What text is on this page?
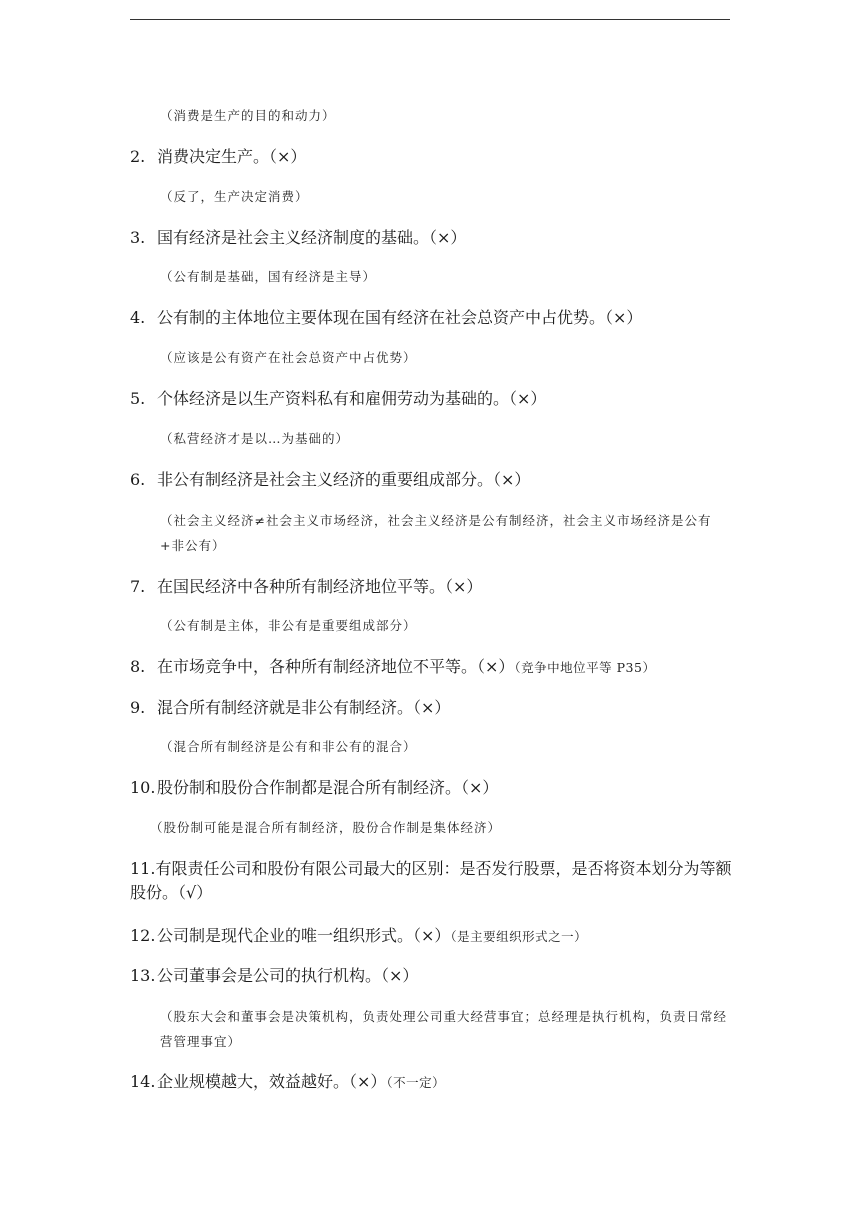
（消费是生产的目的和动力）
2. 消费决定生产。（×）
（反了，生产决定消费）
3. 国有经济是社会主义经济制度的基础。（×）
（公有制是基础，国有经济是主导）
4. 公有制的主体地位主要体现在国有经济在社会总资产中占优势。（×）
（应该是公有资产在社会总资产中占优势）
5. 个体经济是以生产资料私有和雇佣劳动为基础的。（×）
（私营经济才是以…为基础的）
6. 非公有制经济是社会主义经济的重要组成部分。（×）
（社会主义经济≠社会主义市场经济，社会主义经济是公有制经济，社会主义市场经济是公有+非公有）
7. 在国民经济中各种所有制经济地位平等。（×）
（公有制是主体，非公有是重要组成部分）
8. 在市场竞争中，各种所有制经济地位不平等。（×）（竞争中地位平等 P35）
9. 混合所有制经济就是非公有制经济。（×）
（混合所有制经济是公有和非公有的混合）
10.股份制和股份合作制都是混合所有制经济。（×）
（股份制可能是混合所有制经济，股份合作制是集体经济）
11.有限责任公司和股份有限公司最大的区别：是否发行股票，是否将资本划分为等额股份。（√）
12.公司制是现代企业的唯一组织形式。（×）（是主要组织形式之一）
13.公司董事会是公司的执行机构。（×）
（股东大会和董事会是决策机构，负责处理公司重大经营事宜；总经理是执行机构，负责日常经营管理事宜）
14.企业规模越大，效益越好。（×）（不一定）
